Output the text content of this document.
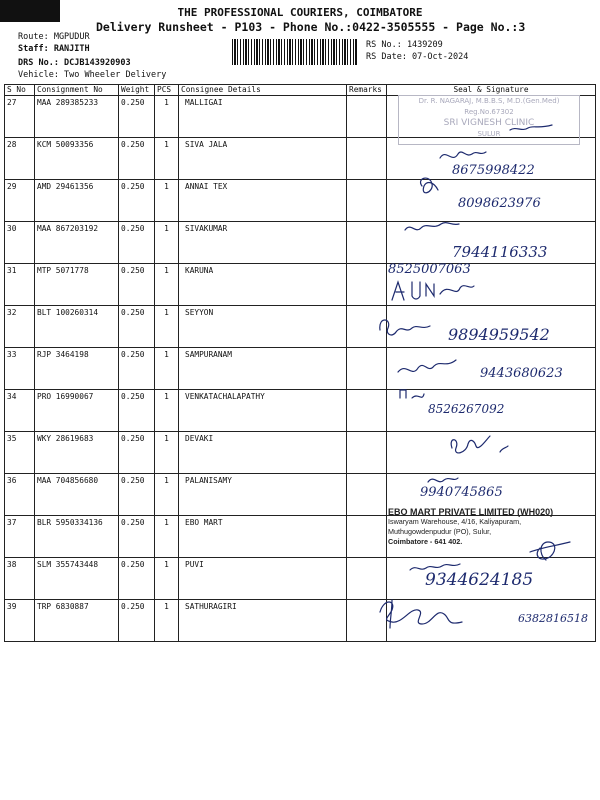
THE PROFESSIONAL COURIERS, COIMBATORE
Delivery Runsheet - P103 - Phone No.:0422-3505555 - Page No.:3
Route: MGPUDUR
Staff: RANJITH
DRS No.: DCJB143920903
Vehicle: Two Wheeler Delivery
RS No.: 1439209
RS Date: 07-Oct-2024
S No	Consignment No	Weight	PCS	Consignee Details	Remarks	Seal & Signature
27	MAA 289385233	0.250	1	MALLIGAI		
28	KCM 50093356	0.250	1	SIVA JALA		
29	AMD 29461356	0.250	1	ANNAI TEX		
30	MAA 867203192	0.250	1	SIVAKUMAR		
31	MTP 5071778	0.250	1	KARUNA		
32	BLT 100260314	0.250	1	SEYYON		
33	RJP 3464198	0.250	1	SAMPURANAM		
34	PRO 16990067	0.250	1	VENKATACHALAPATHY		
35	WKY 28619683	0.250	1	DEVAKI		
36	MAA 704856680	0.250	1	PALANISAMY		
37	BLR 5950334136	0.250	1	EBO MART		
38	SLM 355743448	0.250	1	PUVI		
39	TRP 6830887	0.250	1	SATHURAGIRI		
Dr. R. NAGARAJ, M.B.B.S, M.D.(Gen.Med)
Reg.No.67302
SRI VIGNESH CLINIC
SULUR
8675998422
8098623976
7944116333
8525007063
9894959542
9443680623
8526267092
9940745865
9344624185
6382816518
EBO MART PRIVATE LIMITED (WH020)
Iswaryam Warehouse, 4/16, Kaliyapuram,
Muthugowdenpudur (PO), Sulur,
Coimbatore - 641 402.
